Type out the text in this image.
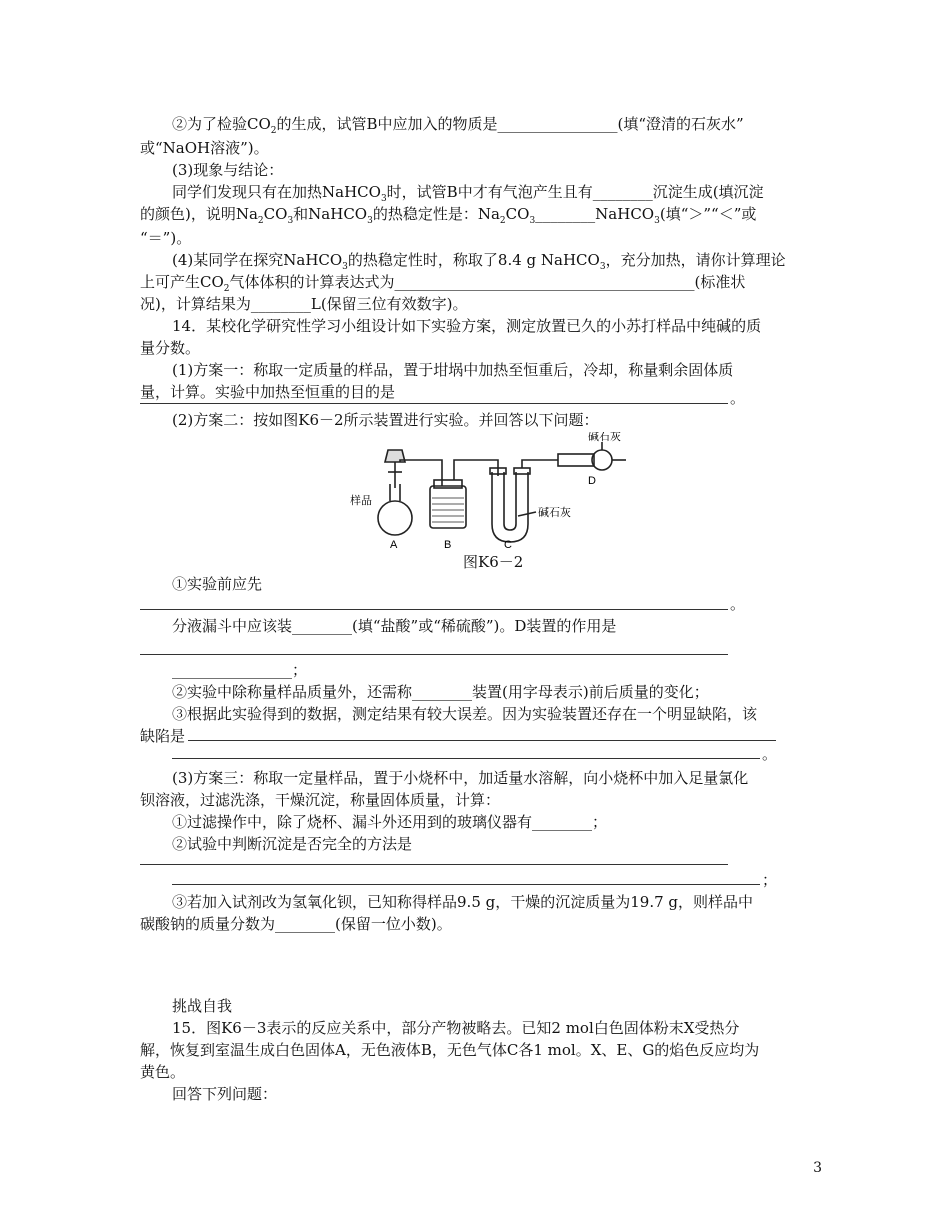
②为了检验$CO_2$的生成，试管B中应加入的物质是________________(填“澄清的石灰水”
或“NaOH溶液”)。
(3)现象与结论：
同学们发现只有在加热NaHCO$_3$时，试管B中才有气泡产生且有________沉淀生成(填沉淀
的颜色)，说明$Na_2CO_3$和NaHCO$_3$的热稳定性是：$Na_2CO_3\_\_\_\_\_\_\_\_NaHCO_3$(填“＞”“＜”或
“＝”)。
(4)某同学在探究NaHCO$_3$的热稳定性时，称取了8.4 g NaHCO$_3$，充分加热，请你计算理论
上可产生$CO_2$气体体积的计算表达式为________________________________________(标准状
况)，计算结果为________L(保留三位有效数字)。
14．某校化学研究性学习小组设计如下实验方案，测定放置已久的小苏打样品中纯碱的质
量分数。
(1)方案一：称取一定质量的样品，置于坩埚中加热至恒重后，冷却，称量剩余固体质
量，计算。实验中加热至恒重的目的是	。
(2)方案二：按如图K6－2所示装置进行实验。并回答以下问题：
样品
碱石灰
碱石灰
A	B	C
D
图K6－2
①实验前应先
。
分液漏斗中应该装________(填“盐酸”或“稀硫酸”)。D装置的作用是
________________；
②实验中除称量样品质量外，还需称________装置(用字母表示)前后质量的变化；
③根据此实验得到的数据，测定结果有较大误差。因为实验装置还存在一个明显缺陷，该
缺陷是
。
(3)方案三：称取一定量样品，置于小烧杯中，加适量水溶解，向小烧杯中加入足量氯化
钡溶液，过滤洗涤，干燥沉淀，称量固体质量，计算：
①过滤操作中，除了烧杯、漏斗外还用到的玻璃仪器有________；
②试验中判断沉淀是否完全的方法是
；
③若加入试剂改为氢氧化钡，已知称得样品9.5 g，干燥的沉淀质量为19.7 g，则样品中
碳酸钠的质量分数为________(保留一位小数)。
挑战自我
15．图K6－3表示的反应关系中，部分产物被略去。已知2 mol白色固体粉末X受热分
解，恢复到室温生成白色固体A，无色液体B，无色气体C各1 mol。X、E、G的焰色反应均为
黄色。
回答下列问题：
3
